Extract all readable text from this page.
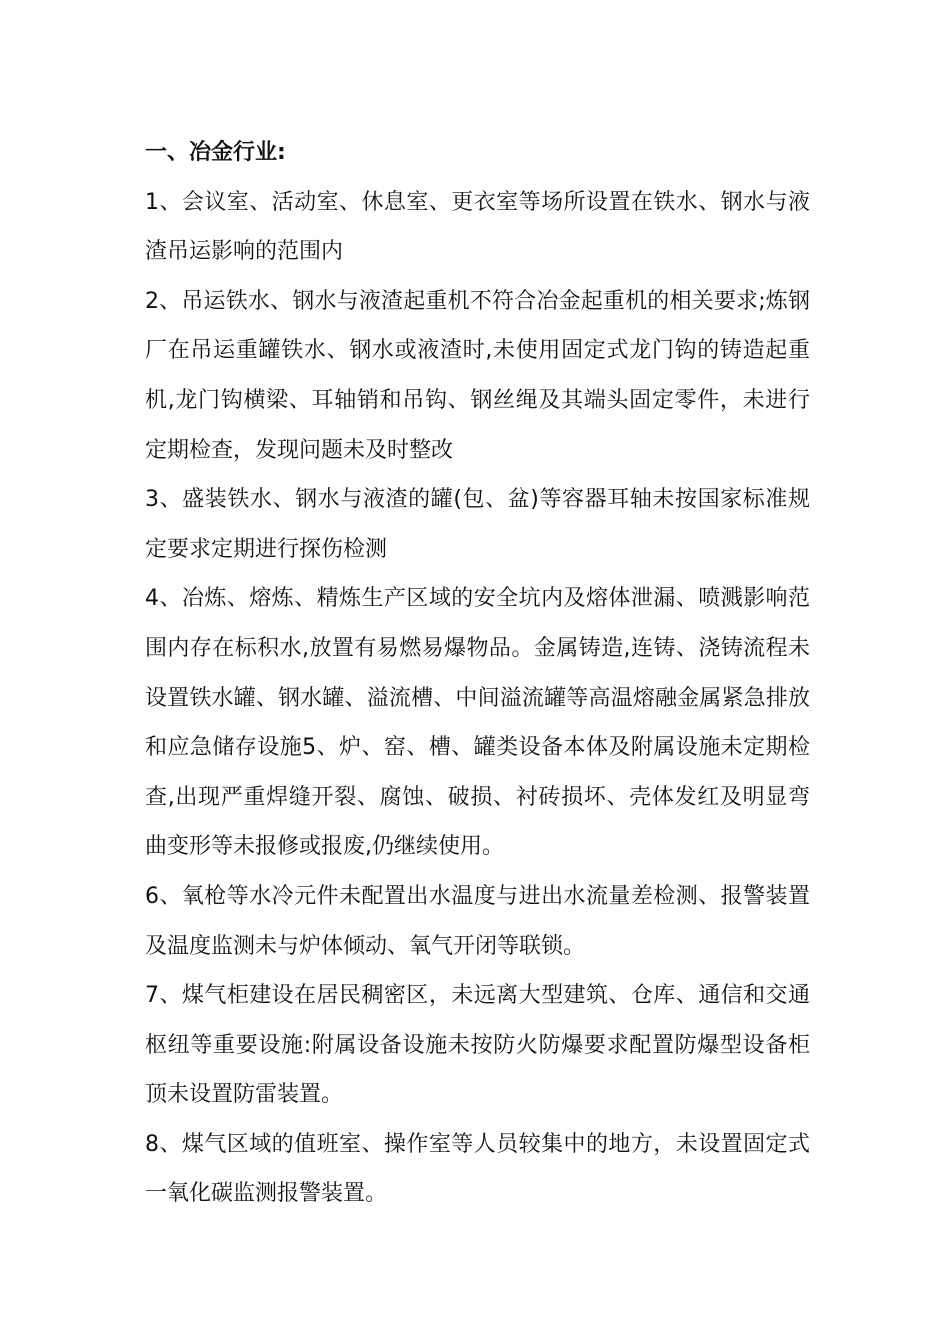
一、冶金行业:

1、会议室、活动室、休息室、更衣室等场所设置在铁水、钢水与液渣吊运影响的范围内

2、吊运铁水、钢水与液渣起重机不符合冶金起重机的相关要求;炼钢厂在吊运重罐铁水、钢水或液渣时,未使用固定式龙门钩的铸造起重机,龙门钩横梁、耳轴销和吊钩、钢丝绳及其端头固定零件，未进行定期检查，发现问题未及时整改

3、盛装铁水、钢水与液渣的罐(包、盆)等容器耳轴未按国家标准规定要求定期进行探伤检测

4、冶炼、熔炼、精炼生产区域的安全坑内及熔体泄漏、喷溅影响范围内存在标积水,放置有易燃易爆物品。金属铸造,连铸、浇铸流程未设置铁水罐、钢水罐、溢流槽、中间溢流罐等高温熔融金属紧急排放和应急储存设施5、炉、窑、槽、罐类设备本体及附属设施未定期检查,出现严重焊缝开裂、腐蚀、破损、衬砖损坏、壳体发红及明显弯曲变形等未报修或报废,仍继续使用。

6、氧枪等水冷元件未配置出水温度与进出水流量差检测、报警装置及温度监测未与炉体倾动、氧气开闭等联锁。

7、煤气柜建设在居民稠密区，未远离大型建筑、仓库、通信和交通枢纽等重要设施:附属设备设施未按防火防爆要求配置防爆型设备柜顶未设置防雷装置。

8、煤气区域的值班室、操作室等人员较集中的地方，未设置固定式一氧化碳监测报警装置。
